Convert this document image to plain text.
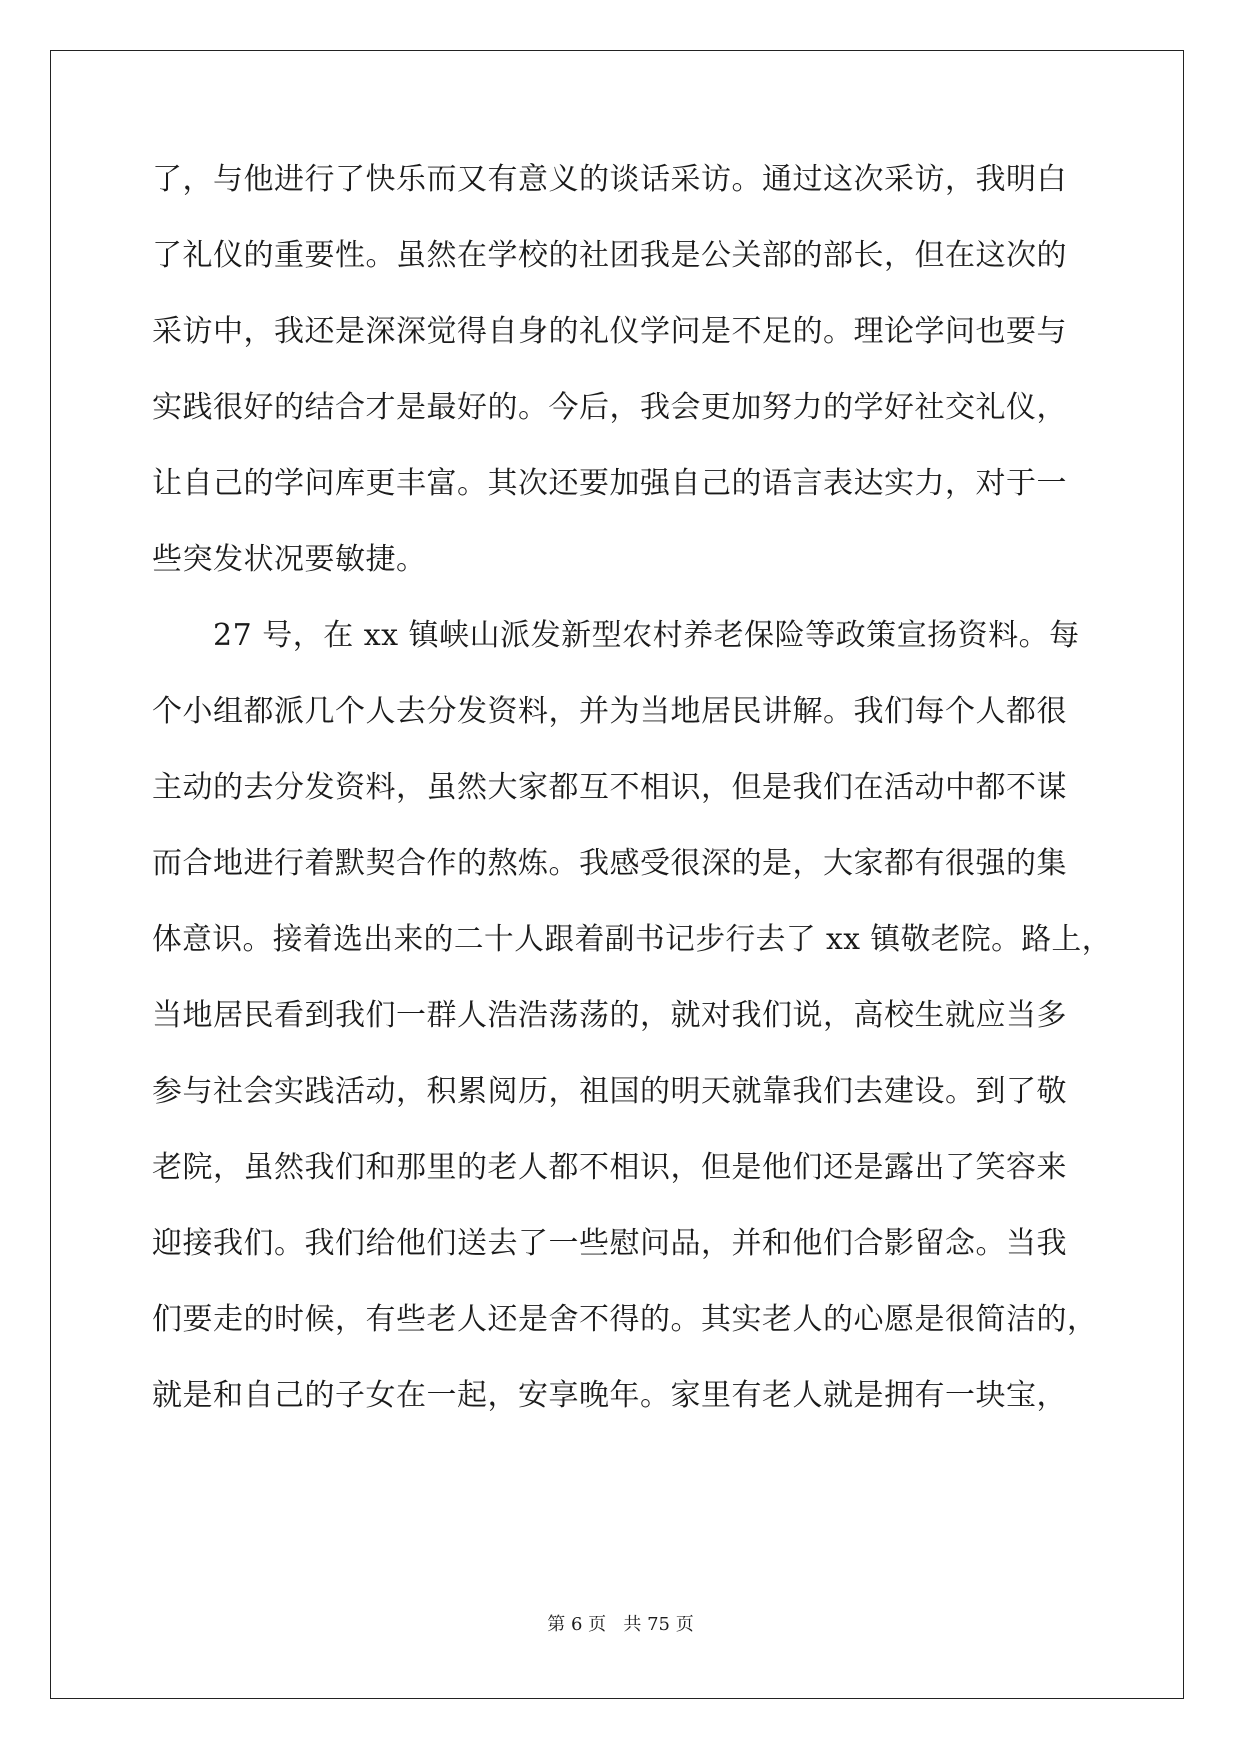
了，与他进行了快乐而又有意义的谈话采访。通过这次采访，我明白
了礼仪的重要性。虽然在学校的社团我是公关部的部长，但在这次的
采访中，我还是深深觉得自身的礼仪学问是不足的。理论学问也要与
实践很好的结合才是最好的。今后，我会更加努力的学好社交礼仪，
让自己的学问库更丰富。其次还要加强自己的语言表达实力，对于一
些突发状况要敏捷。
　　27 号，在 xx 镇峡山派发新型农村养老保险等政策宣扬资料。每
个小组都派几个人去分发资料，并为当地居民讲解。我们每个人都很
主动的去分发资料，虽然大家都互不相识，但是我们在活动中都不谋
而合地进行着默契合作的熬炼。我感受很深的是，大家都有很强的集
体意识。接着选出来的二十人跟着副书记步行去了 xx 镇敬老院。路上，
当地居民看到我们一群人浩浩荡荡的，就对我们说，高校生就应当多
参与社会实践活动，积累阅历，祖国的明天就靠我们去建设。到了敬
老院，虽然我们和那里的老人都不相识，但是他们还是露出了笑容来
迎接我们。我们给他们送去了一些慰问品，并和他们合影留念。当我
们要走的时候，有些老人还是舍不得的。其实老人的心愿是很简洁的，
就是和自己的子女在一起，安享晚年。家里有老人就是拥有一块宝，
第 6 页   共 75 页
